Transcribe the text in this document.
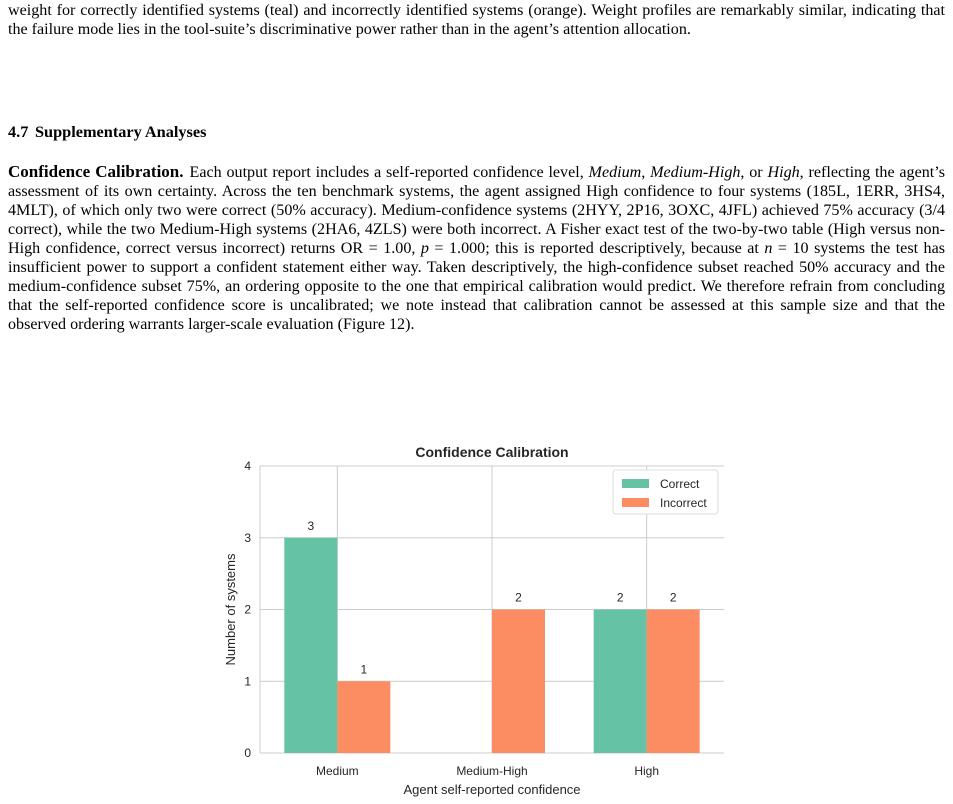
weight for correctly identified systems (teal) and incorrectly identified systems (orange). Weight profiles are remarkably similar, indicating that the failure mode lies in the tool-suite’s discriminative power rather than in the agent’s attention allocation.

4.7 Supplementary Analyses

Confidence Calibration. Each output report includes a self-reported confidence level, Medium, Medium-High, or High, reflecting the agent’s assessment of its own certainty. Across the ten benchmark systems, the agent assigned High confidence to four systems (185L, 1ERR, 3HS4, 4MLT), of which only two were correct (50% accuracy). Medium-confidence systems (2HYY, 2P16, 3OXC, 4JFL) achieved 75% accuracy (3/4 correct), while the two Medium-High systems (2HA6, 4ZLS) were both incorrect. A Fisher exact test of the two-by-two table (High versus non-High confidence, correct versus incorrect) returns OR = 1.00, p = 1.000; this is reported descriptively, because at n = 10 systems the test has insufficient power to support a confident statement either way. Taken descriptively, the high-confidence subset reached 50% accuracy and the medium-confidence subset 75%, an ordering opposite to the one that empirical calibration would predict. We therefore refrain from concluding that the self-reported confidence score is uncalibrated; we note instead that calibration cannot be assessed at this sample size and that the observed ordering warrants larger-scale evaluation (Figure 12).

3
2
1
2	2
0
1
2
3
4
Medium	Medium-High	High
Confidence Calibration
Agent self-reported confidence
Number of systems
Correct
Incorrect
